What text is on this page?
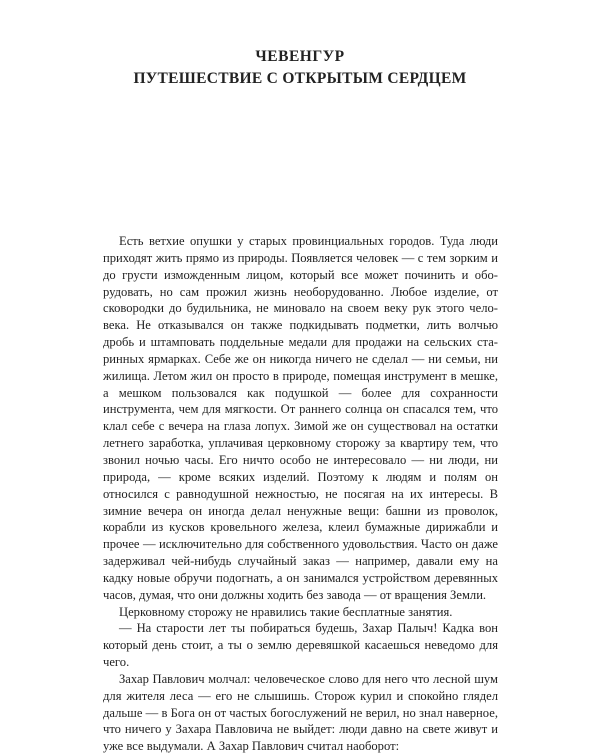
ЧЕВЕНГУР
ПУТЕШЕСТВИЕ С ОТКРЫТЫМ СЕРДЦЕМ

Есть ветхие опушки у старых провинциальных городов. Туда люди приходят жить прямо из природы. Появляется человек — с тем зорким и до грусти изможденным лицом, который все может починить и оборудовать, но сам прожил жизнь необорудованно. Любое изделие, от сковородки до будильника, не миновало на своем веку рук этого человека. Не отказывался он также подкидывать подметки, лить волчью дробь и штамповать поддельные медали для продажи на сельских старинных ярмарках. Себе же он никогда ничего не сделал — ни семьи, ни жилища. Летом жил он просто в природе, помещая инструмент в мешке, а мешком пользовался как подушкой — более для сохранности инструмента, чем для мягкости. От раннего солнца он спасался тем, что клал себе с вечера на глаза лопух. Зимой же он существовал на остатки летнего заработка, уплачивая церковному сторожу за квартиру тем, что звонил ночью часы. Его ничто особо не интересовало — ни люди, ни природа, — кроме всяких изделий. Поэтому к людям и полям он относился с равнодушной нежностью, не посягая на их интересы. В зимние вечера он иногда делал ненужные вещи: башни из проволок, корабли из кусков кровельного железа, клеил бумажные дирижабли и прочее — исключительно для собственного удовольствия. Часто он даже задерживал чей-нибудь случайный заказ — например, давали ему на кадку новые обручи подогнать, а он занимался устройством деревянных часов, думая, что они должны ходить без завода — от вращения Земли.

Церковному сторожу не нравились такие бесплатные занятия.

— На старости лет ты побираться будешь, Захар Палыч! Кадка вон который день стоит, а ты о землю деревяшкой касаешься неведомо для чего.

Захар Павлович молчал: человеческое слово для него что лесной шум для жителя леса — его не слышишь. Сторож курил и спокойно глядел дальше — в Бога он от частых богослужений не верил, но знал наверное, что ничего у Захара Павловича не выйдет: люди давно на свете живут и уже все выдумали. А Захар Павлович считал наоборот:
